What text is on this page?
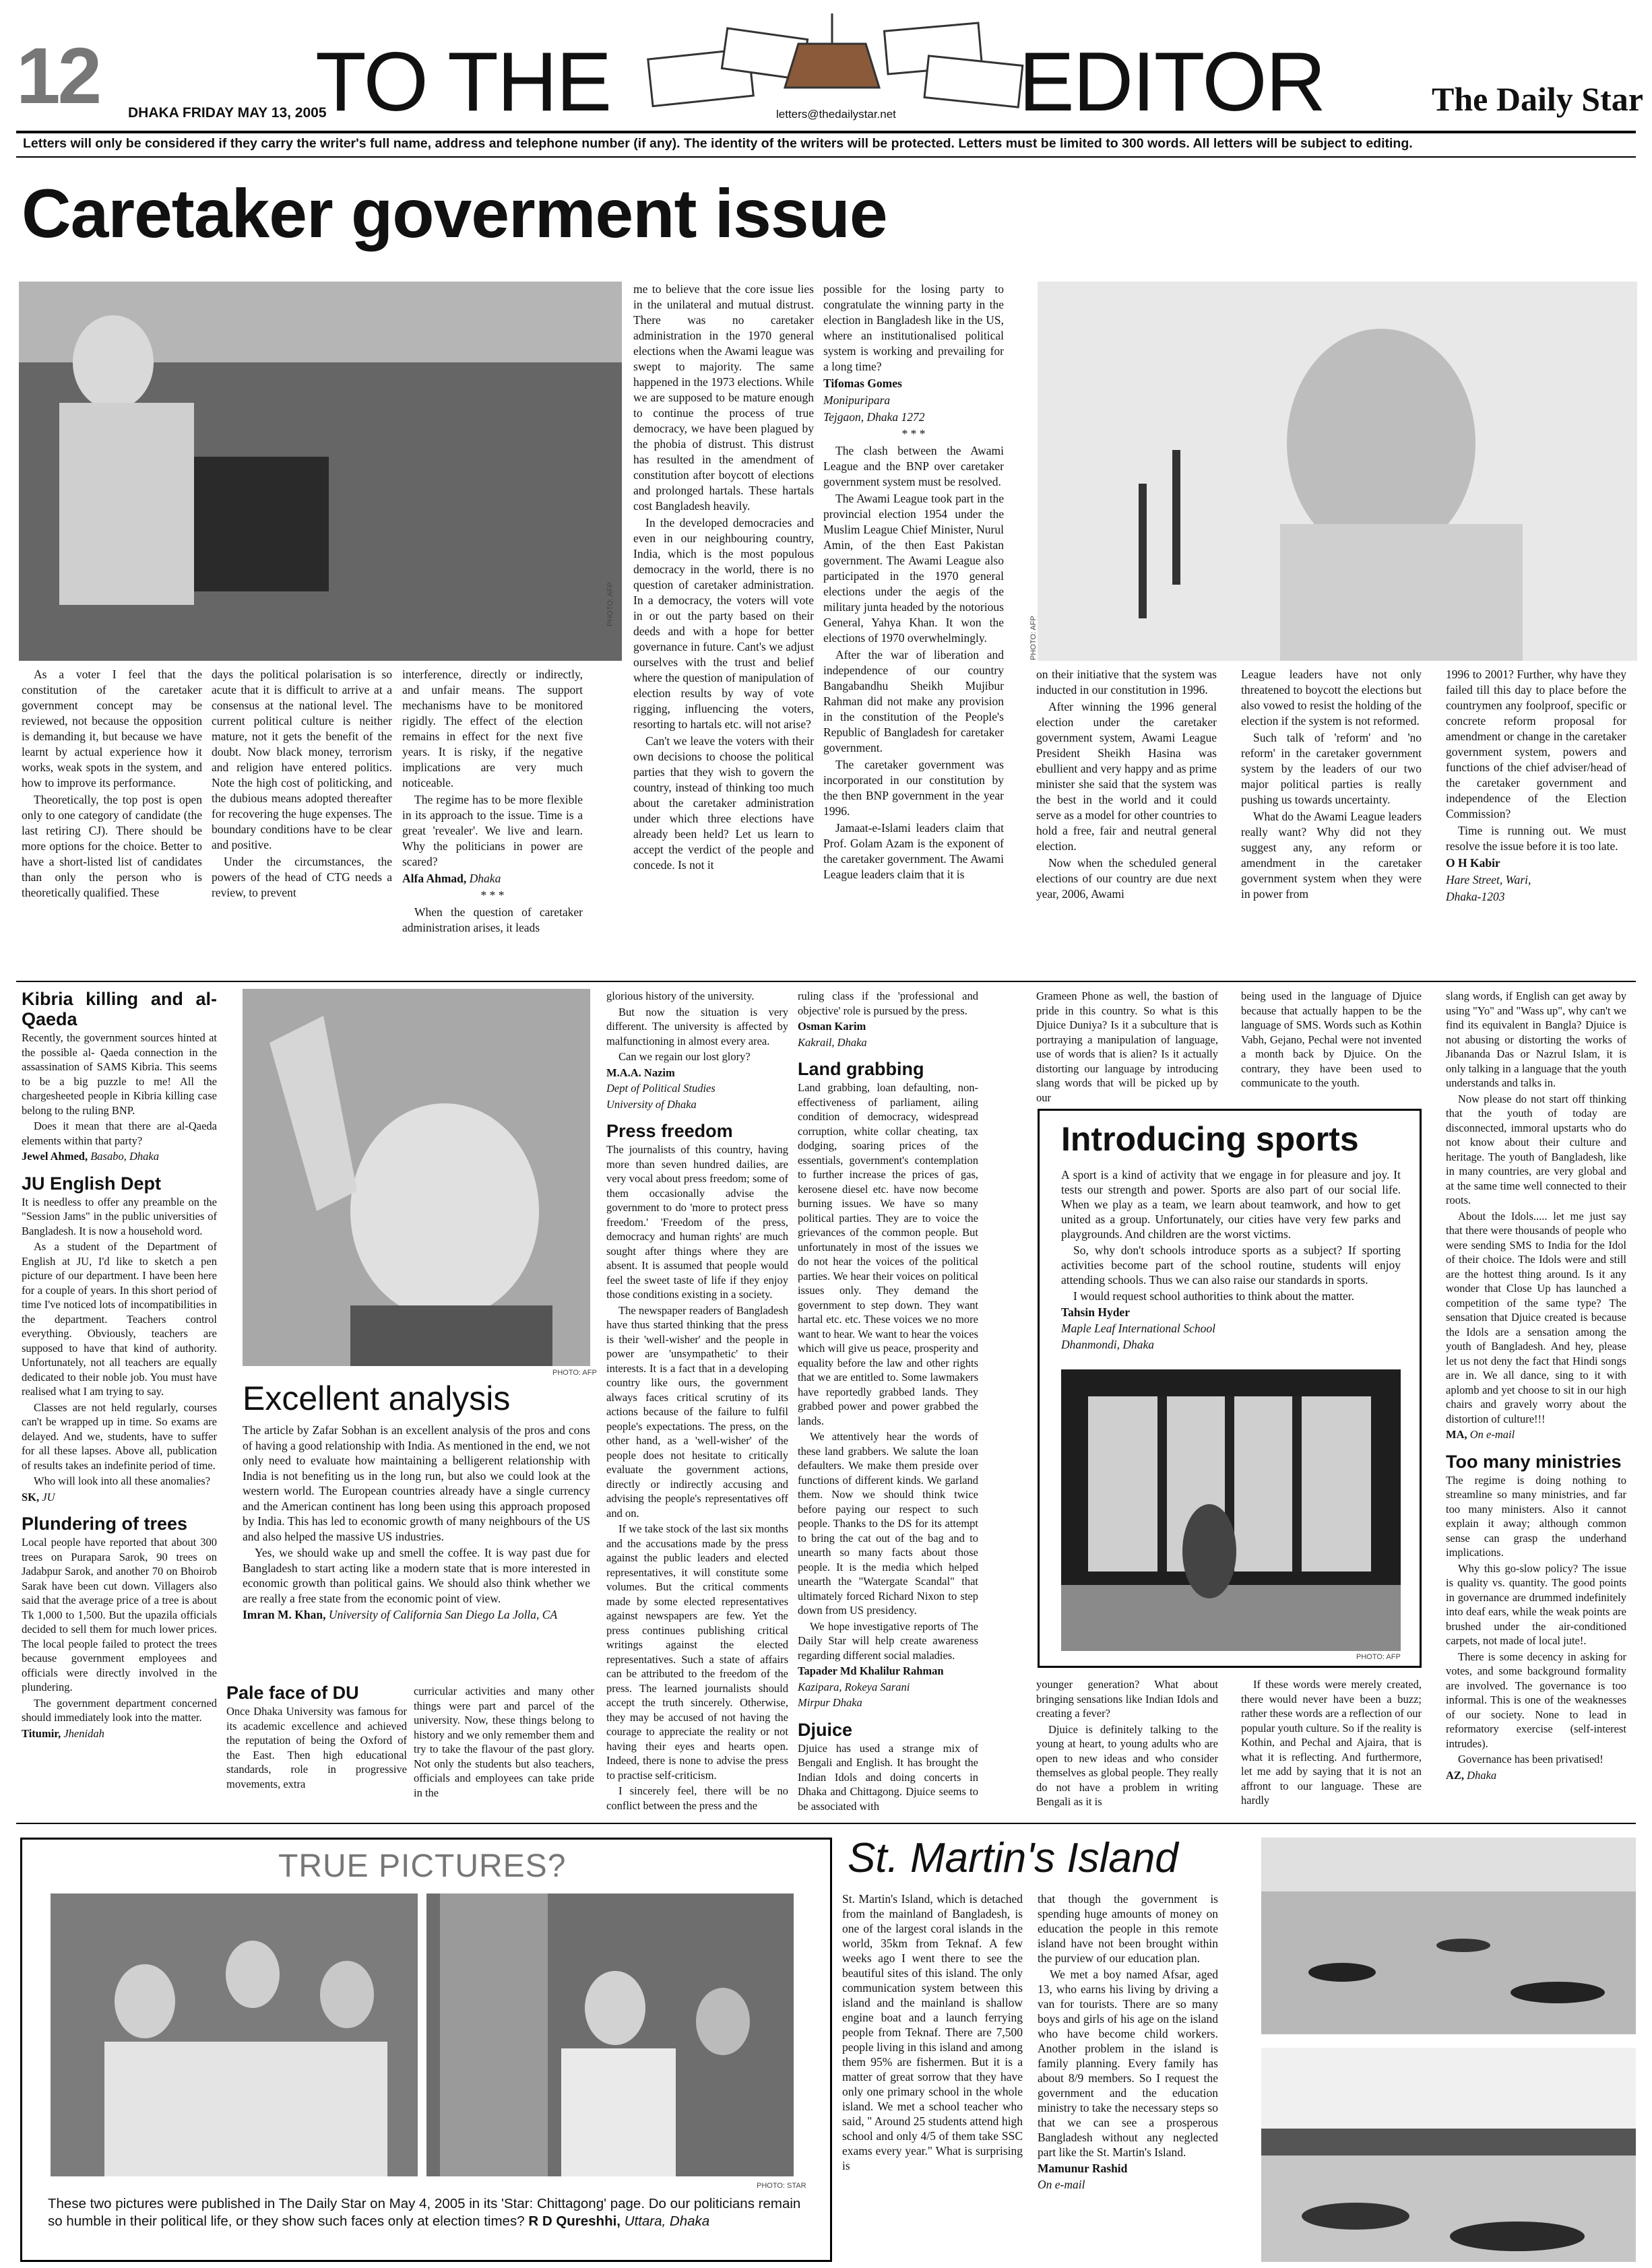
12 DHAKA FRIDAY MAY 13, 2005
TO THE	letters@thedailystar.net EDITOR	The Daily Star
Letters will only be considered if they carry the writer's full name, address and telephone number (if any). The identity of the writers will be protected. Letters must be limited to 300 words. All letters will be subject to editing.
Caretaker goverment issue
PHOTO: AFP

As a voter I feel that the constitution of the caretaker government concept may be reviewed, not because the opposition is demanding it, but because we have learnt by actual experience how it works, weak spots in the system, and how to improve its performance.

Theoretically, the top post is open only to one category of candidate (the last retiring CJ). There should be more options for the choice. Better to have a short-listed list of candidates than only the person who is theoretically qualified. These

days the political polarisation is so acute that it is difficult to arrive at a consensus at the national level. The current political culture is neither mature, not it gets the benefit of the doubt. Now black money, terrorism and religion have entered politics. Note the high cost of politicking, and the dubious means adopted thereafter for recovering the huge expenses. The boundary conditions have to be clear and positive.

Under the circumstances, the powers of the head of CTG needs a review, to prevent

interference, directly or indirectly, and unfair means. The support mechanisms have to be monitored rigidly. The effect of the election remains in effect for the next five years. It is risky, if the negative implications are very much noticeable.

The regime has to be more flexible in its approach to the issue. Time is a great 'revealer'. We live and learn. Why the politicians in power are scared?

Alfa Ahmad, Dhaka

* * *

When the question of caretaker administration arises, it leads

me to believe that the core issue lies in the unilateral and mutual distrust. There was no caretaker administration in the 1970 general elections when the Awami league was swept to majority. The same happened in the 1973 elections. While we are supposed to be mature enough to continue the process of true democracy, we have been plagued by the phobia of distrust. This distrust has resulted in the amendment of constitution after boycott of elections and prolonged hartals. These hartals cost Bangladesh heavily.

In the developed democracies and even in our neighbouring country, India, which is the most populous democracy in the world, there is no question of caretaker administration. In a democracy, the voters will vote in or out the party based on their deeds and with a hope for better governance in future. Cant's we adjust ourselves with the trust and belief where the question of manipulation of election results by way of vote rigging, influencing the voters, resorting to hartals etc. will not arise?

Can't we leave the voters with their own decisions to choose the political parties that they wish to govern the country, instead of thinking too much about the caretaker administration under which three elections have already been held? Let us learn to accept the verdict of the people and concede. Is not it

possible for the losing party to congratulate the winning party in the election in Bangladesh like in the US, where an institutionalised political system is working and prevailing for a long time?

Tifomas Gomes

Monipuripara

Tejgaon, Dhaka 1272

* * *

The clash between the Awami League and the BNP over caretaker government system must be resolved.

The Awami League took part in the provincial election 1954 under the Muslim League Chief Minister, Nurul Amin, of the then East Pakistan government. The Awami League also participated in the 1970 general elections under the aegis of the military junta headed by the notorious General, Yahya Khan. It won the elections of 1970 overwhelmingly.

After the war of liberation and independence of our country Bangabandhu Sheikh Mujibur Rahman did not make any provision in the constitution of the People's Republic of Bangladesh for caretaker government.

The caretaker government was incorporated in our constitution by the then BNP government in the year 1996.

Jamaat-e-Islami leaders claim that Prof. Golam Azam is the exponent of the caretaker government. The Awami League leaders claim that it is

PHOTO: AFP

on their initiative that the system was inducted in our constitution in 1996.

After winning the 1996 general election under the caretaker government system, Awami League President Sheikh Hasina was ebullient and very happy and as prime minister she said that the system was the best in the world and it could serve as a model for other countries to hold a free, fair and neutral general election.

Now when the scheduled general elections of our country are due next year, 2006, Awami

League leaders have not only threatened to boycott the elections but also vowed to resist the holding of the election if the system is not reformed.

Such talk of 'reform' and 'no reform' in the caretaker government system by the leaders of our two major political parties is really pushing us towards uncertainty.

What do the Awami League leaders really want? Why did not they suggest any, any reform or amendment in the caretaker government system when they were in power from

1996 to 2001? Further, why have they failed till this day to place before the countrymen any foolproof, specific or concrete reform proposal for amendment or change in the caretaker government system, powers and functions of the chief adviser/head of the caretaker government and independence of the Election Commission?

Time is running out. We must resolve the issue before it is too late.

O H Kabir

Hare Street, Wari,

Dhaka-1203

Kibria killing and al-Qaeda

Recently, the government sources hinted at the possible al- Qaeda connection in the assassination of SAMS Kibria. This seems to be a big puzzle to me! All the chargesheeted people in Kibria killing case belong to the ruling BNP.

Does it mean that there are al-Qaeda elements within that party?

Jewel Ahmed, Basabo, Dhaka

JU English Dept

It is needless to offer any preamble on the "Session Jams" in the public universities of Bangladesh. It is now a household word.

As a student of the Department of English at JU, I'd like to sketch a pen picture of our department. I have been here for a couple of years. In this short period of time I've noticed lots of incompatibilities in the department. Teachers control everything. Obviously, teachers are supposed to have that kind of authority. Unfortunately, not all teachers are equally dedicated to their noble job. You must have realised what I am trying to say.

Classes are not held regularly, courses can't be wrapped up in time. So exams are delayed. And we, students, have to suffer for all these lapses. Above all, publication of results takes an indefinite period of time.

Who will look into all these anomalies?

SK, JU

Plundering of trees

Local people have reported that about 300 trees on Purapara Sarok, 90 trees on Jadabpur Sarok, and another 70 on Bhoirob Sarak have been cut down. Villagers also said that the average price of a tree is about Tk 1,000 to 1,500. But the upazila officials decided to sell them for much lower prices. The local people failed to protect the trees because government employees and officials were directly involved in the plundering.

The government department concerned should immediately look into the matter.

Titumir, Jhenidah

PHOTO: AFP
Excellent analysis

The article by Zafar Sobhan is an excellent analysis of the pros and cons of having a good relationship with India. As mentioned in the end, we not only need to evaluate how maintaining a belligerent relationship with India is not benefiting us in the long run, but also we could look at the western world. The European countries already have a single currency and the American continent has long been using this approach proposed by India. This has led to economic growth of many neighbours of the US and also helped the massive US industries.

Yes, we should wake up and smell the coffee. It is way past due for Bangladesh to start acting like a modern state that is more interested in economic growth than political gains. We should also think whether we are really a free state from the economic point of view.

Imran M. Khan, University of California San Diego La Jolla, CA

Pale face of DU

Once Dhaka University was famous for its academic excellence and achieved the reputation of being the Oxford of the East. Then high educational standards, role in progressive movements, extra

curricular activities and many other things were part and parcel of the university. Now, these things belong to history and we only remember them and try to take the flavour of the past glory. Not only the students but also teachers, officials and employees can take pride in the

glorious history of the university.

But now the situation is very different. The university is affected by malfunctioning in almost every area.

Can we regain our lost glory?

M.A.A. Nazim

Dept of Political Studies

University of Dhaka

Press freedom

The journalists of this country, having more than seven hundred dailies, are very vocal about press freedom; some of them occasionally advise the government to do 'more to protect press freedom.' 'Freedom of the press, democracy and human rights' are much sought after things where they are absent. It is assumed that people would feel the sweet taste of life if they enjoy those conditions existing in a society.

The newspaper readers of Bangladesh have thus started thinking that the press is their 'well-wisher' and the people in power are 'unsympathetic' to their interests. It is a fact that in a developing country like ours, the government always faces critical scrutiny of its actions because of the failure to fulfil people's expectations. The press, on the other hand, as a 'well-wisher' of the people does not hesitate to critically evaluate the government actions, directly or indirectly accusing and advising the people's representatives off and on.

If we take stock of the last six months and the accusations made by the press against the public leaders and elected representatives, it will constitute some volumes. But the critical comments made by some elected representatives against newspapers are few. Yet the press continues publishing critical writings against the elected representatives. Such a state of affairs can be attributed to the freedom of the press. The learned journalists should accept the truth sincerely. Otherwise, they may be accused of not having the courage to appreciate the reality or not having their eyes and hearts open. Indeed, there is none to advise the press to practise self-criticism.

I sincerely feel, there will be no conflict between the press and the

ruling class if the 'professional and objective' role is pursued by the press.

Osman Karim

Kakrail, Dhaka

Land grabbing

Land grabbing, loan defaulting, non-effectiveness of parliament, ailing condition of democracy, widespread corruption, white collar cheating, tax dodging, soaring prices of the essentials, government's contemplation to further increase the prices of gas, kerosene diesel etc. have now become burning issues. We have so many political parties. They are to voice the grievances of the common people. But unfortunately in most of the issues we do not hear the voices of the political parties. We hear their voices on political issues only. They demand the government to step down. They want hartal etc. etc. These voices we no more want to hear. We want to hear the voices which will give us peace, prosperity and equality before the law and other rights that we are entitled to. Some lawmakers have reportedly grabbed lands. They grabbed power and power grabbed the lands.

We attentively hear the words of these land grabbers. We salute the loan defaulters. We make them preside over functions of different kinds. We garland them. Now we should think twice before paying our respect to such people. Thanks to the DS for its attempt to bring the cat out of the bag and to unearth so many facts about those people. It is the media which helped unearth the "Watergate Scandal" that ultimately forced Richard Nixon to step down from US presidency.

We hope investigative reports of The Daily Star will help create awareness regarding different social maladies.

Tapader Md Khalilur Rahman

Kazipara, Rokeya Sarani

Mirpur Dhaka

Djuice

Djuice has used a strange mix of Bengali and English. It has brought the Indian Idols and doing concerts in Dhaka and Chittagong. Djuice seems to be associated with

Grameen Phone as well, the bastion of pride in this country. So what is this Djuice Duniya? Is it a subculture that is portraying a manipulation of language, use of words that is alien? Is it actually distorting our language by introducing slang words that will be picked up by our

being used in the language of Djuice because that actually happen to be the language of SMS. Words such as Kothin Vabh, Gejano, Pechal were not invented a month back by Djuice. On the contrary, they have been used to communicate to the youth.

slang words, if English can get away by using "Yo" and "Wass up", why can't we find its equivalent in Bangla? Djuice is not abusing or distorting the works of Jibananda Das or Nazrul Islam, it is only talking in a language that the youth understands and talks in.

Now please do not start off thinking that the youth of today are disconnected, immoral upstarts who do not know about their culture and heritage. The youth of Bangladesh, like in many countries, are very global and at the same time well connected to their roots.

About the Idols..... let me just say that there were thousands of people who were sending SMS to India for the Idol of their choice. The Idols were and still are the hottest thing around. Is it any wonder that Close Up has launched a competition of the same type? The sensation that Djuice created is because the Idols are a sensation among the youth of Bangladesh. And hey, please let us not deny the fact that Hindi songs are in. We all dance, sing to it with aplomb and yet choose to sit in our high chairs and gravely worry about the distortion of culture!!!

MA, On e-mail

Too many ministries

The regime is doing nothing to streamline so many ministries, and far too many ministers. Also it cannot explain it away; although common sense can grasp the underhand implications.

Why this go-slow policy? The issue is quality vs. quantity. The good points in governance are drummed indefinitely into deaf ears, while the weak points are brushed under the air-conditioned carpets, not made of local jute!.

There is some decency in asking for votes, and some background formality are involved. The governance is too informal. This is one of the weaknesses of our society. None to lead in reformatory exercise (self-interest intrudes).

Governance has been privatised!

AZ, Dhaka

Introducing sports

A sport is a kind of activity that we engage in for pleasure and joy. It tests our strength and power. Sports are also part of our social life. When we play as a team, we learn about teamwork, and how to get united as a group. Unfortunately, our cities have very few parks and playgrounds. And children are the worst victims.

So, why don't schools introduce sports as a subject? If sporting activities become part of the school routine, students will enjoy attending schools. Thus we can also raise our standards in sports.

I would request school authorities to think about the matter.

Tahsin Hyder

Maple Leaf International School

Dhanmondi, Dhaka

PHOTO: AFP

younger generation? What about bringing sensations like Indian Idols and creating a fever?

Djuice is definitely talking to the young at heart, to young adults who are open to new ideas and who consider themselves as global people. They really do not have a problem in writing Bengali as it is

If these words were merely created, there would never have been a buzz; rather these words are a reflection of our popular youth culture. So if the reality is Kothin, and Pechal and Ajaira, that is what it is reflecting. And furthermore, let me add by saying that it is not an affront to our language. These are hardly

TRUE PICTURES?
PHOTO: STAR
These two pictures were published in The Daily Star on May 4, 2005 in its 'Star: Chittagong' page. Do our politicians remain so humble in their political life, or they show such faces only at election times? R D Qureshhi, Uttara, Dhaka
St. Martin's Island

St. Martin's Island, which is detached from the mainland of Bangladesh, is one of the largest coral islands in the world, 35km from Teknaf. A few weeks ago I went there to see the beautiful sites of this island. The only communication system between this island and the mainland is shallow engine boat and a launch ferrying people from Teknaf. There are 7,500 people living in this island and among them 95% are fishermen. But it is a matter of great sorrow that they have only one primary school in the whole island. We met a school teacher who said, " Around 25 students attend high school and only 4/5 of them take SSC exams every year." What is surprising is

that though the government is spending huge amounts of money on education the people in this remote island have not been brought within the purview of our education plan.

We met a boy named Afsar, aged 13, who earns his living by driving a van for tourists. There are so many boys and girls of his age on the island who have become child workers. Another problem in the island is family planning. Every family has about 8/9 members. So I request the government and the education ministry to take the necessary steps so that we can see a prosperous Bangladesh without any neglected part like the St. Martin's Island.

Mamunur Rashid

On e-mail
